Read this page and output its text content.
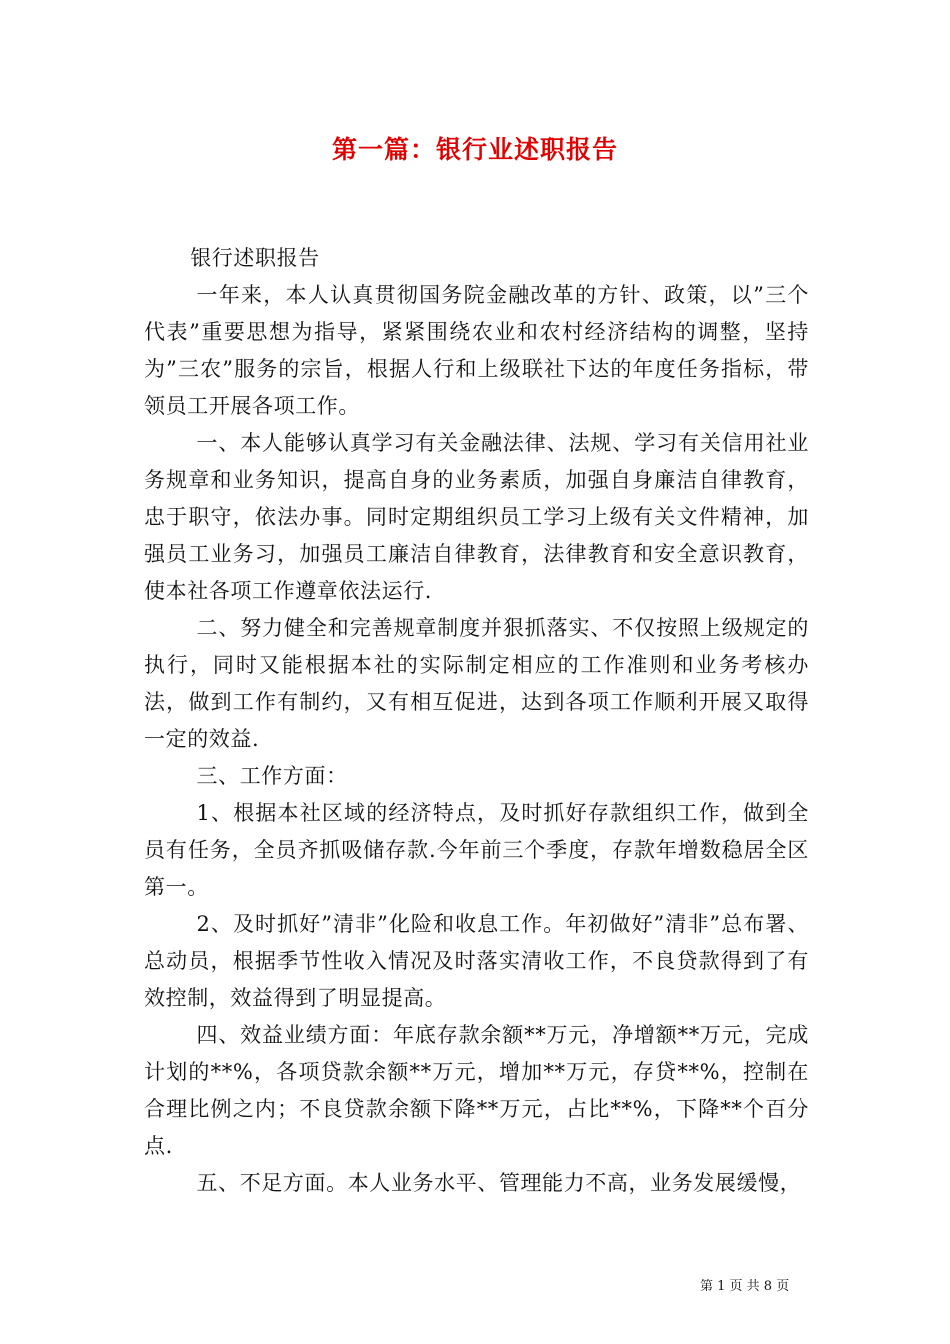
第一篇：银行业述职报告

银行述职报告

一年来，本人认真贯彻国务院金融改革的方针、政策，以”三个代表”重要思想为指导，紧紧围绕农业和农村经济结构的调整，坚持为”三农”服务的宗旨，根据人行和上级联社下达的年度任务指标，带领员工开展各项工作。

一、本人能够认真学习有关金融法律、法规、学习有关信用社业务规章和业务知识，提高自身的业务素质，加强自身廉洁自律教育，忠于职守，依法办事。同时定期组织员工学习上级有关文件精神，加强员工业务习，加强员工廉洁自律教育，法律教育和安全意识教育，使本社各项工作遵章依法运行.

二、努力健全和完善规章制度并狠抓落实、不仅按照上级规定的执行，同时又能根据本社的实际制定相应的工作准则和业务考核办法，做到工作有制约，又有相互促进，达到各项工作顺利开展又取得一定的效益.

三、工作方面：

1、根据本社区域的经济特点，及时抓好存款组织工作，做到全员有任务，全员齐抓吸储存款.今年前三个季度，存款年增数稳居全区第一。

2、及时抓好”清非”化险和收息工作。年初做好”清非”总布署、总动员，根据季节性收入情况及时落实清收工作，不良贷款得到了有效控制，效益得到了明显提高。

四、效益业绩方面：年底存款余额**万元，净增额**万元，完成计划的**%，各项贷款余额**万元，增加**万元，存贷**%，控制在合理比例之内；不良贷款余额下降**万元，占比**%，下降**个百分点.

五、不足方面。本人业务水平、管理能力不高，业务发展缓慢，

第 1 页 共 8 页
